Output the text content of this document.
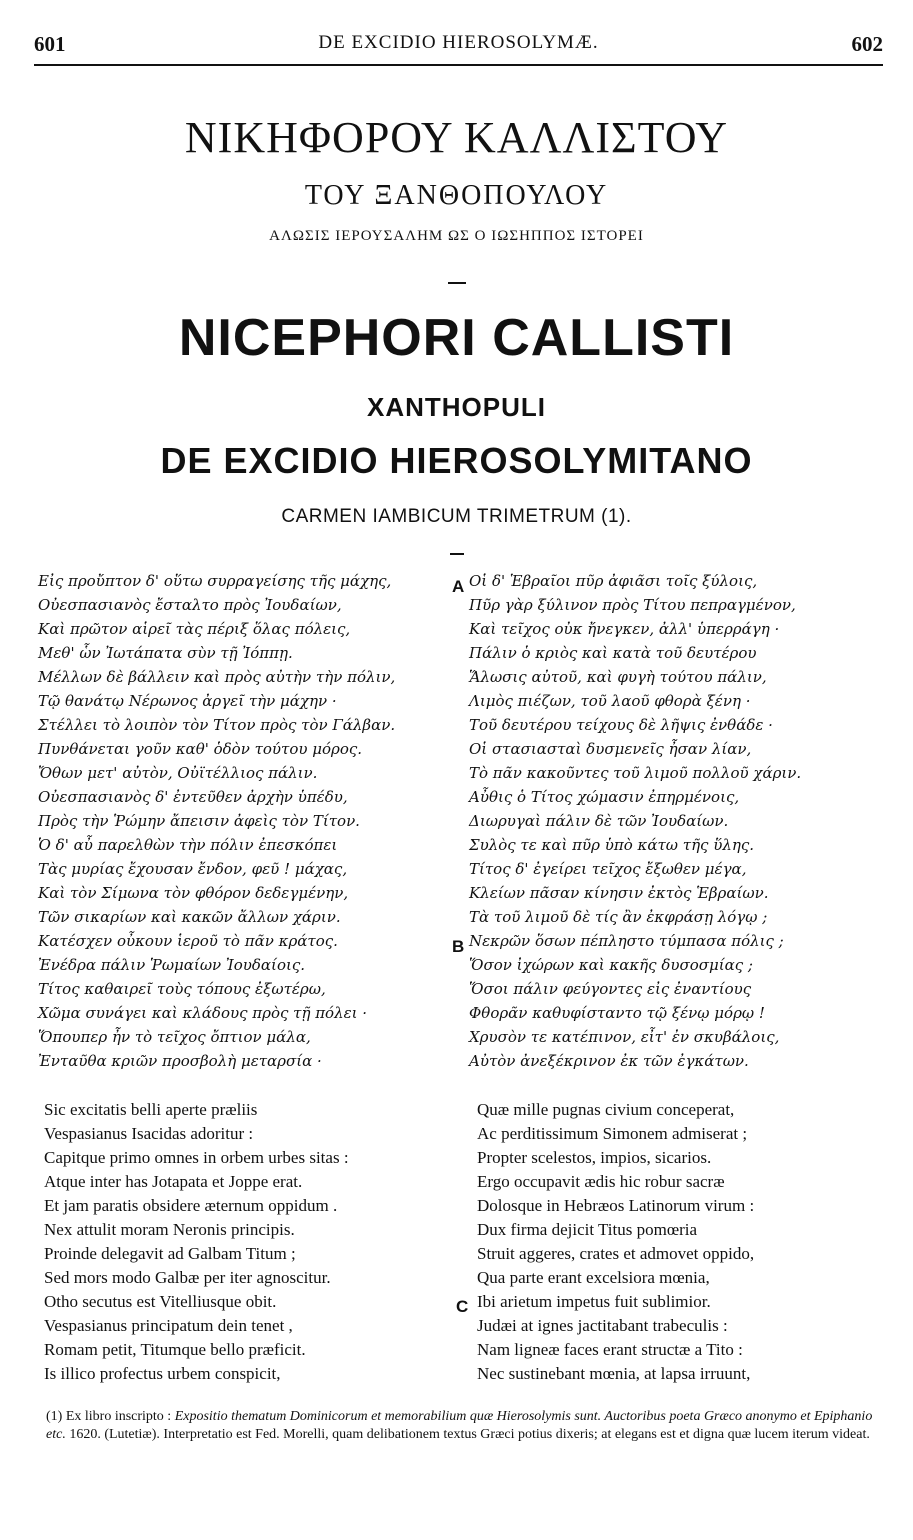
601	DE EXCIDIO HIEROSOLYMÆ.	602
ΝΙΚΗΦΟΡΟΥ ΚΑΛΛΙΣΤΟΥ
ΤΟΥ ΞΑΝΘΟΠΟΥΛΟΥ
ΑΛΩΣΙΣ ΙΕΡΟΥΣΑΛΗΜ ΩΣ Ο ΙΩΣΗΠΠΟΣ ΙΣΤΟΡΕΙ
NICEPHORI CALLISTI
XANTHOPULI
DE EXCIDIO HIEROSOLYMITANO
CARMEN IAMBICUM TRIMETRUM (1).
Εἰς προὔπτον δ' οὕτω συρραγείσης τῆς μάχης,
Οὐεσπασιανὸς ἔσταλτο πρὸς Ἰουδαίων,
Καὶ πρῶτον αἱρεῖ τὰς πέριξ ὅλας πόλεις,
Μεθ' ὧν Ἰωτάπατα σὺν τῇ Ἰόππῃ.
Μέλλων δὲ βάλλειν καὶ πρὸς αὐτὴν τὴν πόλιν,
Τῷ θανάτῳ Νέρωνος ἀργεῖ τὴν μάχην ·
Στέλλει τὸ λοιπὸν τὸν Τίτον πρὸς τὸν Γάλβαν.
Πυνθάνεται γοῦν καθ' ὁδὸν τούτου μόρος.
Ὄθων μετ' αὐτὸν, Οὐϊτέλλιος πάλιν.
Οὐεσπασιανὸς δ' ἐντεῦθεν ἀρχὴν ὑπέδυ,
Πρὸς τὴν Ῥώμην ἄπεισιν ἀφεὶς τὸν Τίτον.
Ὁ δ' αὖ παρελθὼν τὴν πόλιν ἐπεσκόπει
Τὰς μυρίας ἔχουσαν ἔνδον, φεῦ ! μάχας,
Καὶ τὸν Σίμωνα τὸν φθόρον δεδεγμένην,
Τῶν σικαρίων καὶ κακῶν ἄλλων χάριν.
Κατέσχεν οὖκουν ἱεροῦ τὸ πᾶν κράτος.
Ἐνέδρα πάλιν Ῥωμαίων Ἰουδαίοις.
Τίτος καθαιρεῖ τοὺς τόπους ἐξωτέρω,
Χῶμα συνάγει καὶ κλάδους πρὸς τῇ πόλει ·
Ὅπουπερ ἦν τὸ τεῖχος ὄπτιον μάλα,
Ἐνταῦθα κριῶν προσβολὴ μεταρσία ·
Οἱ δ' Ἑβραῖοι πῦρ ἀφιᾶσι τοῖς ξύλοις,
Πῦρ γὰρ ξύλινον πρὸς Τίτου πεπραγμένον,
Καὶ τεῖχος οὐκ ἤνεγκεν, ἀλλ' ὑπερράγη ·
Πάλιν ὁ κριὸς καὶ κατὰ τοῦ δευτέρου
Ἅλωσις αὐτοῦ, καὶ φυγὴ τούτου πάλιν,
Λιμὸς πιέζων, τοῦ λαοῦ φθορὰ ξένη ·
Τοῦ δευτέρου τείχους δὲ λῆψις ἐνθάδε ·
Οἱ στασιασταὶ δυσμενεῖς ἦσαν λίαν,
Τὸ πᾶν κακοῦντες τοῦ λιμοῦ πολλοῦ χάριν.
Αὖθις ὁ Τίτος χώμασιν ἐπηρμένοις,
Διωρυγαὶ πάλιν δὲ τῶν Ἰουδαίων.
Συλὸς τε καὶ πῦρ ὑπὸ κάτω τῆς ὕλης.
Τίτος δ' ἐγείρει τεῖχος ἔξωθεν μέγα,
Κλείων πᾶσαν κίνησιν ἐκτὸς Ἑβραίων.
Τὰ τοῦ λιμοῦ δὲ τίς ἂν ἐκφράσῃ λόγῳ ;
Νεκρῶν ὅσων πέπληστο τύμπασα πόλις ;
Ὅσον ἰχώρων καὶ κακῆς δυσοσμίας ;
Ὅσοι πάλιν φεύγοντες εἰς ἐναντίους
Φθορᾶν καθυφίσταντο τῷ ξένῳ μόρῳ !
Χρυσὸν τε κατέπινον, εἶτ' ἐν σκυβάλοις,
Αὐτὸν ἀνεξέκρινον ἐκ τῶν ἐγκάτων.
Sic excitatis belli aperte præliis
Vespasianus Isacidas adoritur :
Capitque primo omnes in orbem urbes sitas :
Atque inter has Jotapata et Joppe erat.
Et jam paratis obsidere æternum oppidum .
Nex attulit moram Neronis principis.
Proinde delegavit ad Galbam Titum ;
Sed mors modo Galbæ per iter agnoscitur.
Otho secutus est Vitelliusque obit.
Vespasianus principatum dein tenet ,
Romam petit, Titumque bello præficit.
Is illico profectus urbem conspicit,
Quæ mille pugnas civium conceperat,
Ac perditissimum Simonem admiserat ;
Propter scelestos, impios, sicarios.
Ergo occupavit ædis hic robur sacræ
Dolosque in Hebræos Latinorum virum :
Dux firma dejicit Titus pomœria
Struit aggeres, crates et admovet oppido,
Qua parte erant excelsiora mœnia,
Ibi arietum impetus fuit sublimior.
Judæi at ignes jactitabant trabeculis :
Nam ligneæ faces erant structæ a Tito :
Nec sustinebant mœnia, at lapsa irruunt,
A
B
C
(1) Ex libro inscripto : Expositio thematum Dominicorum et memorabilium quæ Hierosolymis sunt. Auctoribus poeta Græco anonymo et Epiphanio etc. 1620. (Lutetiæ). Interpretatio est Fed. Morelli, quam delibationem textus Græci potius dixeris; at elegans est et digna quæ lucem iterum videat.
